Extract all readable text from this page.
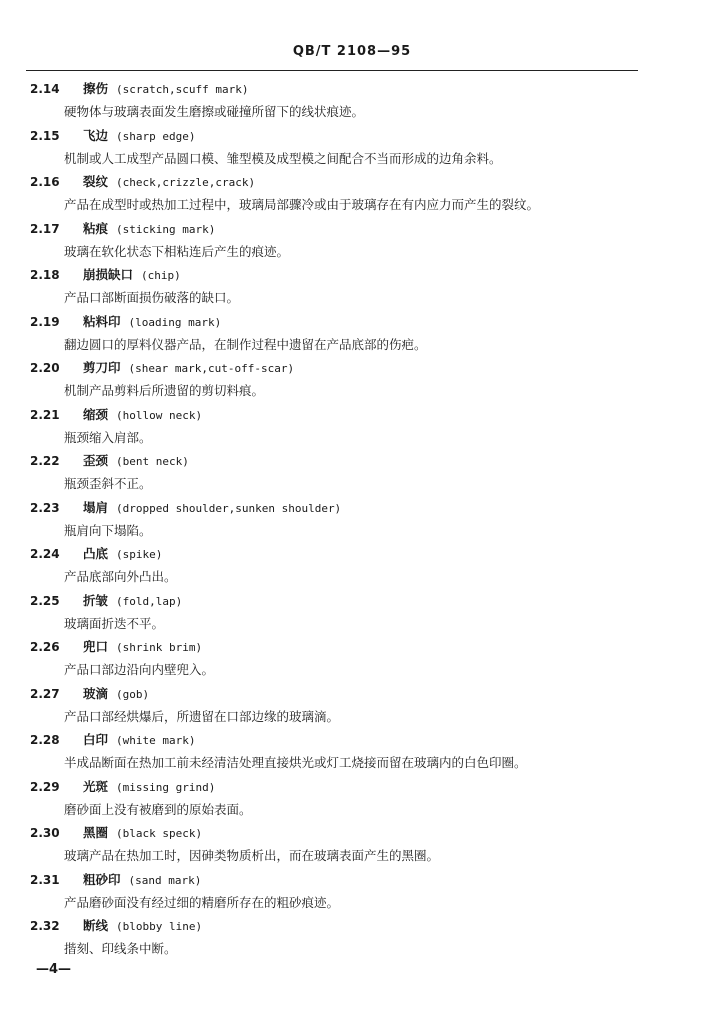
QB/T 2108—95
2.14 擦伤 (scratch,scuff mark)
硬物体与玻璃表面发生磨擦或碰撞所留下的线状痕迹。
2.15 飞边 (sharp edge)
机制或人工成型产品圆口模、雏型模及成型模之间配合不当而形成的边角余料。
2.16 裂纹 (check,crizzle,crack)
产品在成型时或热加工过程中，玻璃局部骤冷或由于玻璃存在有内应力而产生的裂纹。
2.17 粘痕 (sticking mark)
玻璃在软化状态下相粘连后产生的痕迹。
2.18 崩损缺口 (chip)
产品口部断面损伤破落的缺口。
2.19 粘料印 (loading mark)
翻边圆口的厚料仪器产品，在制作过程中遗留在产品底部的伤疤。
2.20 剪刀印 (shear mark,cut-off-scar)
机制产品剪料后所遗留的剪切料痕。
2.21 缩颈 (hollow neck)
瓶颈缩入肩部。
2.22 歪颈 (bent neck)
瓶颈歪斜不正。
2.23 塌肩 (dropped shoulder,sunken shoulder)
瓶肩向下塌陷。
2.24 凸底 (spike)
产品底部向外凸出。
2.25 折皱 (fold,lap)
玻璃面折迭不平。
2.26 兜口 (shrink brim)
产品口部边沿向内壁兜入。
2.27 玻滴 (gob)
产品口部经烘爆后，所遗留在口部边缘的玻璃滴。
2.28 白印 (white mark)
半成品断面在热加工前未经清洁处理直接烘光或灯工烧接而留在玻璃内的白色印圈。
2.29 光斑 (missing grind)
磨砂面上没有被磨到的原始表面。
2.30 黑圈 (black speck)
玻璃产品在热加工时，因砷类物质析出，而在玻璃表面产生的黑圈。
2.31 粗砂印 (sand mark)
产品磨砂面没有经过细的精磨所存在的粗砂痕迹。
2.32 断线 (blobby line)
揩刻、印线条中断。
—4—
